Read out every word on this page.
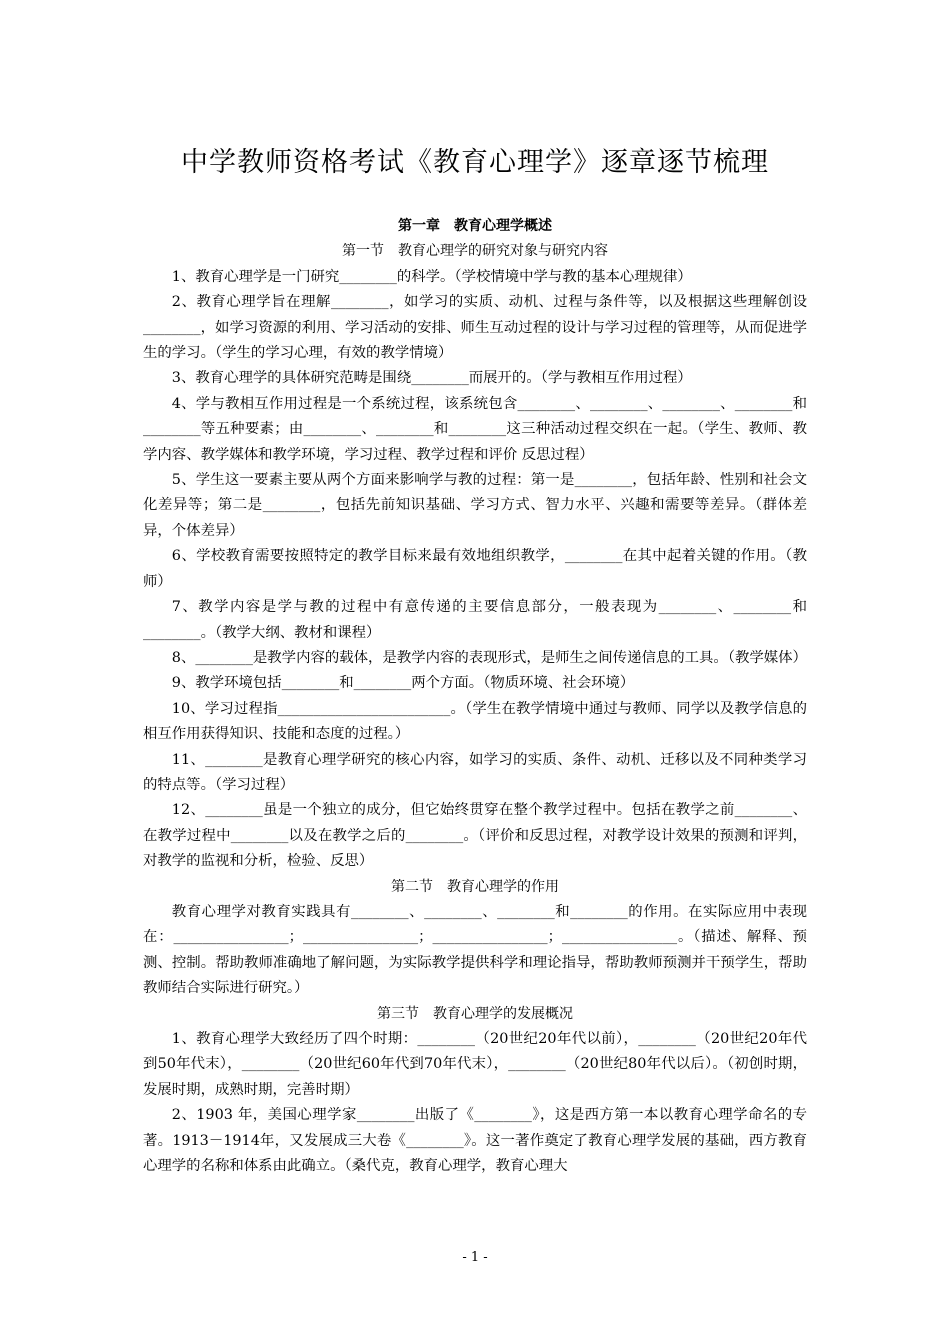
中学教师资格考试《教育心理学》逐章逐节梳理
第一章　教育心理学概述
第一节　教育心理学的研究对象与研究内容

1、教育心理学是一门研究________的科学。（学校情境中学与教的基本心理规律）

2、教育心理学旨在理解________，如学习的实质、动机、过程与条件等，以及根据这些理解创设________，如学习资源的利用、学习活动的安排、师生互动过程的设计与学习过程的管理等，从而促进学生的学习。（学生的学习心理，有效的教学情境）

3、教育心理学的具体研究范畴是围绕________而展开的。（学与教相互作用过程）

4、学与教相互作用过程是一个系统过程，该系统包含________、________、________、________和________等五种要素；由________、________和________这三种活动过程交织在一起。（学生、教师、教学内容、教学媒体和教学环境，学习过程、教学过程和评价 反思过程）

5、学生这一要素主要从两个方面来影响学与教的过程：第一是________，包括年龄、性别和社会文化差异等；第二是________，包括先前知识基础、学习方式、智力水平、兴趣和需要等差异。（群体差异，个体差异）

6、学校教育需要按照特定的教学目标来最有效地组织教学，________在其中起着关键的作用。（教师）

7、教学内容是学与教的过程中有意传递的主要信息部分，一般表现为________、________和________。（教学大纲、教材和课程）

8、________是教学内容的载体，是教学内容的表现形式，是师生之间传递信息的工具。（教学媒体）

9、教学环境包括________和________两个方面。（物质环境、社会环境）

10、学习过程指________________________。（学生在教学情境中通过与教师、同学以及教学信息的相互作用获得知识、技能和态度的过程。）

11、________是教育心理学研究的核心内容，如学习的实质、条件、动机、迁移以及不同种类学习的特点等。（学习过程）

12、________虽是一个独立的成分，但它始终贯穿在整个教学过程中。包括在教学之前________、在教学过程中________以及在教学之后的________。（评价和反思过程，对教学设计效果的预测和评判，对教学的监视和分析，检验、反思）

第二节　教育心理学的作用

教育心理学对教育实践具有________、________、________和________的作用。在实际应用中表现在：________________；________________；________________；________________。（描述、解释、预测、控制。帮助教师准确地了解问题，为实际教学提供科学和理论指导，帮助教师预测并干预学生，帮助教师结合实际进行研究。）

第三节　教育心理学的发展概况

1、教育心理学大致经历了四个时期：________（20世纪20年代以前），________（20世纪20年代到50年代末），________（20世纪60年代到70年代末），________（20世纪80年代以后）。（初创时期，发展时期，成熟时期，完善时期）

2、1903 年，美国心理学家________出版了《________》，这是西方第一本以教育心理学命名的专著。1913－1914年，又发展成三大卷《________》。这一著作奠定了教育心理学发展的基础，西方教育心理学的名称和体系由此确立。（桑代克，教育心理学，教育心理大

- 1 -
